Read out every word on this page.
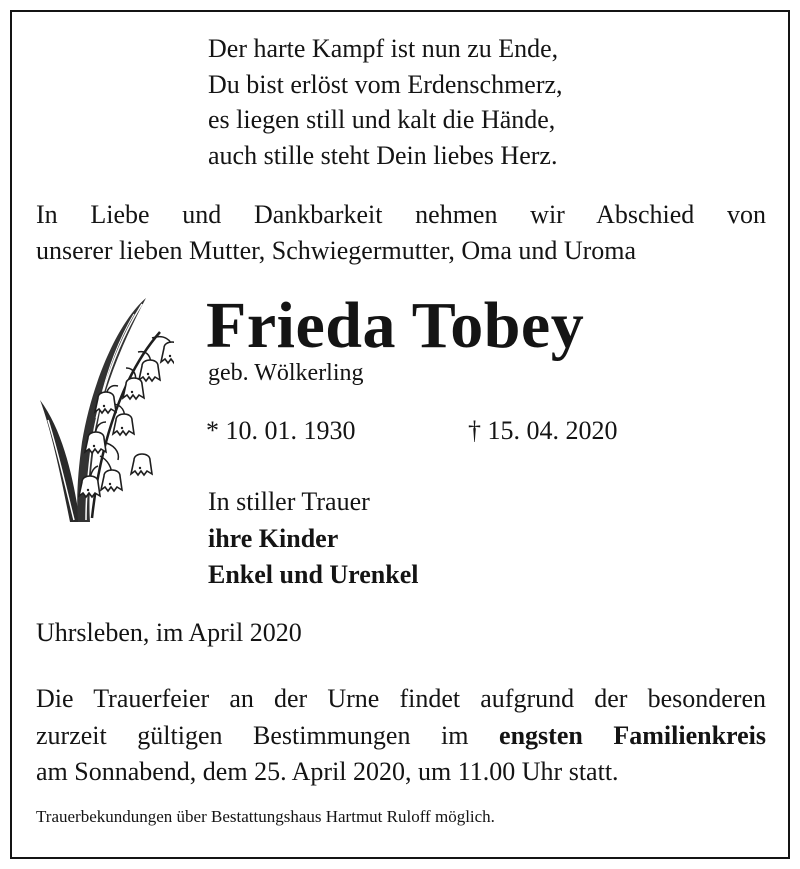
Der harte Kampf ist nun zu Ende,
Du bist erlöst vom Erdenschmerz,
es liegen still und kalt die Hände,
auch stille steht Dein liebes Herz.
In Liebe und Dankbarkeit nehmen wir Abschied von
unserer lieben Mutter, Schwiegermutter, Oma und Uroma
Frieda Tobey
geb. Wölkerling
* 10. 01. 1930	† 15. 04. 2020
In stiller Trauer
ihre Kinder
Enkel und Urenkel
Uhrsleben, im April 2020
Die Trauerfeier an der Urne findet aufgrund der besonderen
zurzeit gültigen Bestimmungen im engsten Familienkreis
am Sonnabend, dem 25. April 2020, um 11.00 Uhr statt.
Trauerbekundungen über Bestattungshaus Hartmut Ruloff möglich.
